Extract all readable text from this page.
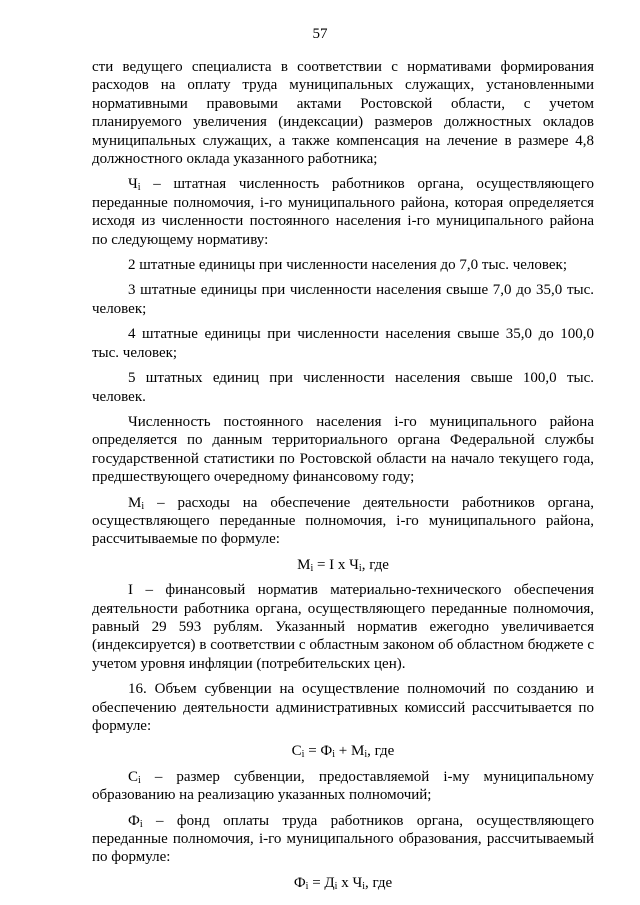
57

сти ведущего специалиста в соответствии с нормативами формирования расходов на оплату труда муниципальных служащих, установленными нормативными правовыми актами Ростовской области, с учетом планируемого увеличения (индексации) размеров должностных окладов муниципальных служащих, а также компенсация на лечение в размере 4,8 должностного оклада указанного работника;

$Ч_i$ – штатная численность работников органа, осуществляющего переданные полномочия, i-го муниципального района, которая определяется исходя из численности постоянного населения i-го муниципального района по следующему нормативу:

2 штатные единицы при численности населения до 7,0 тыс. человек;

3 штатные единицы при численности населения свыше 7,0 до 35,0 тыс. человек;

4 штатные единицы при численности населения свыше 35,0 до 100,0 тыс. человек;

5 штатных единиц при численности населения свыше 100,0 тыс. человек.

Численность постоянного населения i-го муниципального района определяется по данным территориального органа Федеральной службы государственной статистики по Ростовской области на начало текущего года, предшествующего очередному финансовому году;

$М_i$ – расходы на обеспечение деятельности работников органа, осуществляющего переданные полномочия, i-го муниципального района, рассчитываемые по формуле:

$М_i = I$ х $Ч_i$, где

I – финансовый норматив материально-технического обеспечения деятельности работника органа, осуществляющего переданные полномочия, равный 29 593 рублям. Указанный норматив ежегодно увеличивается (индексируется) в соответствии с областным законом об областном бюджете с учетом уровня инфляции (потребительских цен).

16. Объем субвенции на осуществление полномочий по созданию и обеспечению деятельности административных комиссий рассчитывается по формуле:

$С_i = Ф_i + М_i$, где

$С_i$ – размер субвенции, предоставляемой i-му муниципальному образованию на реализацию указанных полномочий;

$Ф_i$ – фонд оплаты труда работников органа, осуществляющего переданные полномочия, i-го муниципального образования, рассчитываемый по формуле:

$Ф_i = Д_i$ х $Ч_i$, где
